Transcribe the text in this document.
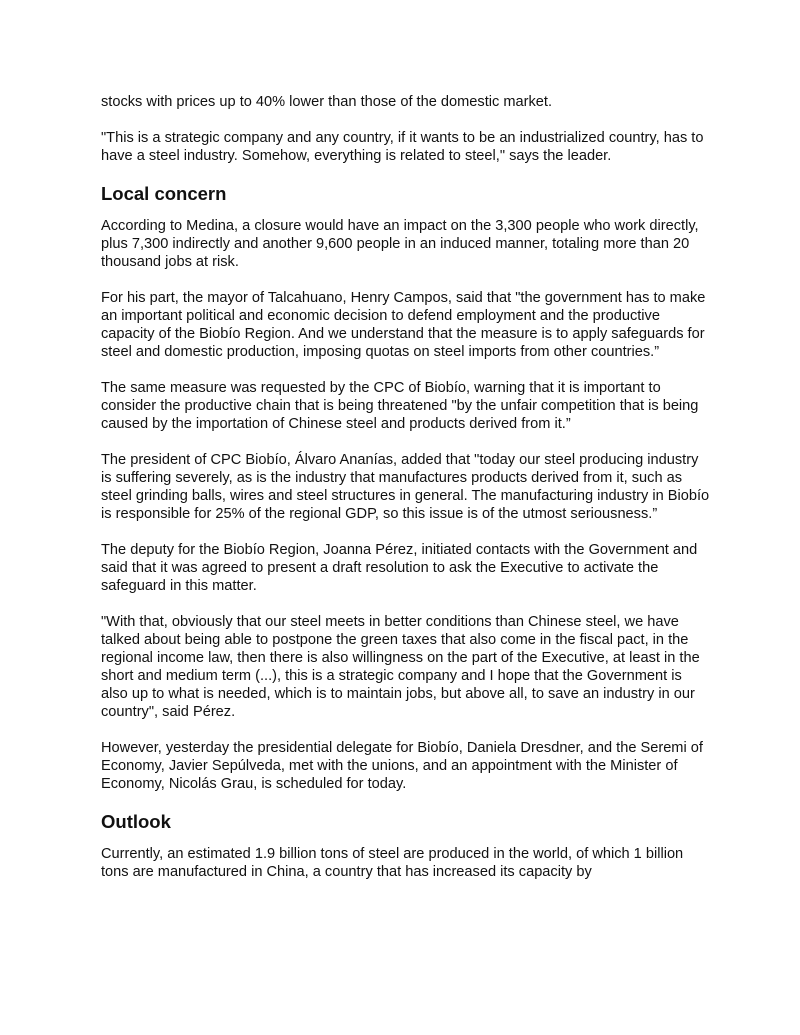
stocks with prices up to 40% lower than those of the domestic market.

"This is a strategic company and any country, if it wants to be an industrialized country, has to have a steel industry. Somehow, everything is related to steel," says the leader.

Local concern

According to Medina, a closure would have an impact on the 3,300 people who work directly, plus 7,300 indirectly and another 9,600 people in an induced manner, totaling more than 20 thousand jobs at risk.

For his part, the mayor of Talcahuano, Henry Campos, said that "the government has to make an important political and economic decision to defend employment and the productive capacity of the Biobío Region. And we understand that the measure is to apply safeguards for steel and domestic production, imposing quotas on steel imports from other countries.”

The same measure was requested by the CPC of Biobío, warning that it is important to consider the productive chain that is being threatened "by the unfair competition that is being caused by the importation of Chinese steel and products derived from it.”

The president of CPC Biobío, Álvaro Ananías, added that "today our steel producing industry is suffering severely, as is the industry that manufactures products derived from it, such as steel grinding balls, wires and steel structures in general. The manufacturing industry in Biobío is responsible for 25% of the regional GDP, so this issue is of the utmost seriousness.”

The deputy for the Biobío Region, Joanna Pérez, initiated contacts with the Government and said that it was agreed to present a draft resolution to ask the Executive to activate the safeguard in this matter.

"With that, obviously that our steel meets in better conditions than Chinese steel, we have talked about being able to postpone the green taxes that also come in the fiscal pact, in the regional income law, then there is also willingness on the part of the Executive, at least in the short and medium term (...), this is a strategic company and I hope that the Government is also up to what is needed, which is to maintain jobs, but above all, to save an industry in our country", said Pérez.

However, yesterday the presidential delegate for Biobío, Daniela Dresdner, and the Seremi of Economy, Javier Sepúlveda, met with the unions, and an appointment with the Minister of Economy, Nicolás Grau, is scheduled for today.

Outlook

Currently, an estimated 1.9 billion tons of steel are produced in the world, of which 1 billion tons are manufactured in China, a country that has increased its capacity by
